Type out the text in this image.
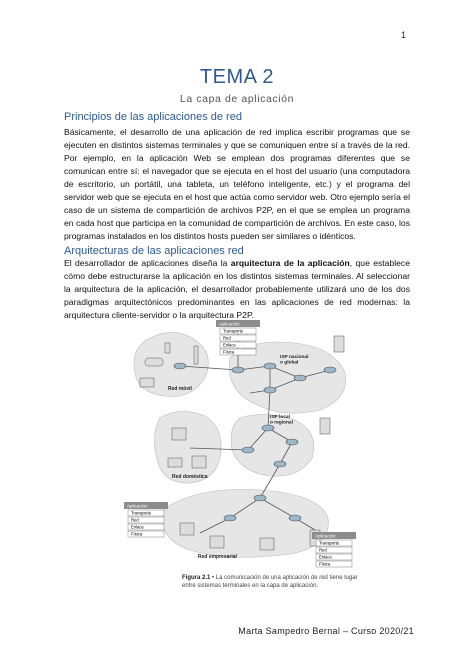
1
TEMA 2
La capa de aplicación
Principios de las aplicaciones de red
Básicamente, el desarrollo de una aplicación de red implica escribir programas que se ejecuten en distintos sistemas terminales y que se comuniquen entre sí a través de la red. Por ejemplo, en la aplicación Web se emplean dos programas diferentes que se comunican entre sí: el navegador que se ejecuta en el host del usuario (una computadora de escritorio, un portátil, una tableta, un teléfono inteligente, etc.) y el programa del servidor web que se ejecuta en el host que actúa como servidor web. Otro ejemplo sería el caso de un sistema de compartición de archivos P2P, en el que se emplea un programa en cada host que participa en la comunidad de compartición de archivos. En este caso, los programas instalados en los distintos hosts pueden ser similares o idénticos.
Arquitecturas de las aplicaciones red
El desarrollador de aplicaciones diseña la arquitectura de la aplicación, que establece cómo debe estructurarse la aplicación en los distintos sistemas terminales. Al seleccionar la arquitectura de la aplicación, el desarrollador probablemente utilizará uno de los dos paradigmas arquitectónicos predominantes en las aplicaciones de red modernas: la arquitectura cliente-servidor o la arquitectura P2P.
Aplicación
Transporte
Red
Enlace
Física
Aplicación
Transporte
Red
Enlace
Física	Aplicación
Transporte
Red
Enlace
Física
Red móvil
ISP nacional o global
ISP local o regional
Red doméstica
Red empresarial
Figura 2.1 • La comunicación de una aplicación de red tiene lugar entre sistemas terminales en la capa de aplicación.
Marta Sampedro Bernal – Curso 2020/21
